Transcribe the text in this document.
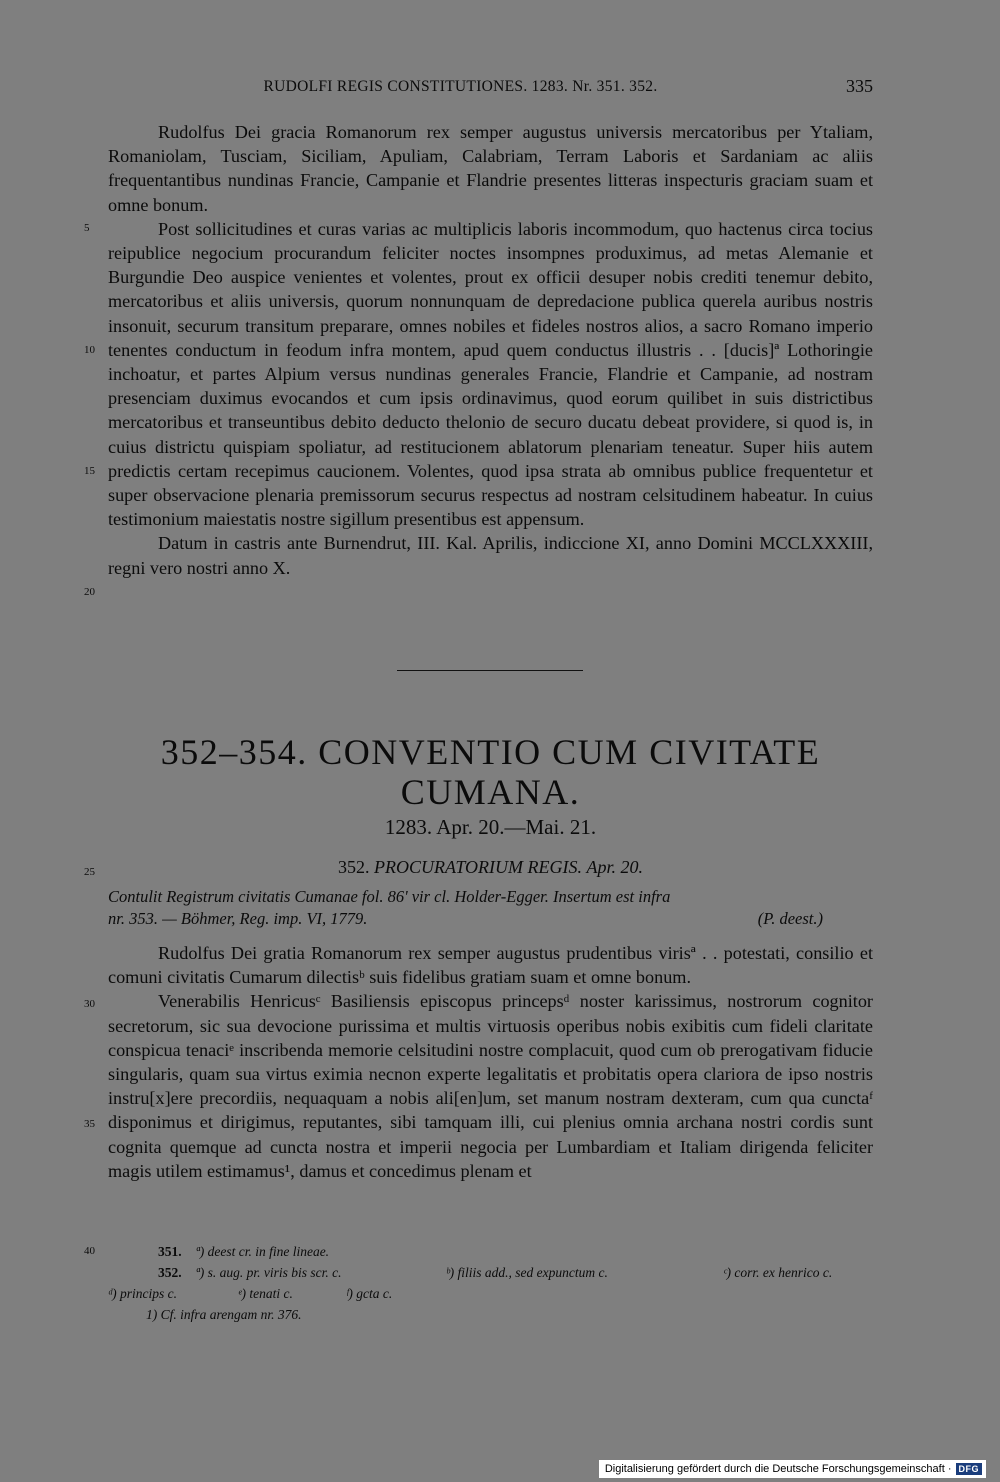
RUDOLFI REGIS CONSTITUTIONES. 1283. Nr. 351. 352.	335

Rudolfus Dei gracia Romanorum rex semper augustus universis mercatoribus per Ytaliam, Romaniolam, Tusciam, Siciliam, Apuliam, Calabriam, Terram Laboris et Sardaniam ac aliis frequentantibus nundinas Francie, Campanie et Flandrie presentes litteras inspecturis graciam suam et omne bonum.

Post sollicitudines et curas varias ac multiplicis laboris incommodum, quo hactenus circa tocius reipublice negocium procurandum feliciter noctes insompnes produximus, ad metas Alemanie et Burgundie Deo auspice venientes et volentes, prout ex officii desuper nobis crediti tenemur debito, mercatoribus et aliis universis, quorum nonnunquam de depredacione publica querela auribus nostris insonuit, securum transitum preparare, omnes nobiles et fideles nostros alios, a sacro Romano imperio tenentes conductum in feodum infra montem, apud quem conductus illustris . . [ducis]ª Lothoringie inchoatur, et partes Alpium versus nundinas generales Francie, Flandrie et Campanie, ad nostram presenciam duximus evocandos et cum ipsis ordinavimus, quod eorum quilibet in suis districtibus mercatoribus et transeuntibus debito deducto thelonio de securo ducatu debeat providere, si quod is, in cuius districtu quispiam spoliatur, ad restitucionem ablatorum plenariam teneatur. Super hiis autem predictis certam recepimus caucionem. Volentes, quod ipsa strata ab omnibus publice frequentetur et super observacione plenaria premissorum securus respectus ad nostram celsitudinem habeatur. In cuius testimonium maiestatis nostre sigillum presentibus est appensum.

Datum in castris ante Burnendrut, III. Kal. Aprilis, indiccione XI, anno Domini MCCLXXXIII, regni vero nostri anno X.

5
10
15
20
25
30
35
40
352–354. CONVENTIO CUM CIVITATE
CUMANA.
1283. Apr. 20.—Mai. 21.
352. PROCURATORIUM REGIS. Apr. 20.
Contulit Registrum civitatis Cumanae fol. 86' vir cl. Holder-Egger. Insertum est infra
nr. 353. — Böhmer, Reg. imp. VI, 1779.	(P. deest.)

Rudolfus Dei gratia Romanorum rex semper augustus prudentibus virisª . . potestati, consilio et comuni civitatis Cumarum dilectisᵇ suis fidelibus gratiam suam et omne bonum.

Venerabilis Henricusᶜ Basiliensis episcopus princepsᵈ noster karissimus, nostrorum cognitor secretorum, sic sua devocione purissima et multis virtuosis operibus nobis exibitis cum fideli claritate conspicua tenaciᵉ inscribenda memorie celsitudini nostre complacuit, quod cum ob prerogativam fiducie singularis, quam sua virtus eximia necnon experte legalitatis et probitatis opera clariora de ipso nostris instru[x]ere precordiis, nequaquam a nobis ali[en]um, set manum nostram dexteram, cum qua cunctaᶠ disponimus et dirigimus, reputantes, sibi tamquam illi, cui plenius omnia archana nostri cordis sunt cognita quemque ad cuncta nostra et imperii negocia per Lumbardiam et Italiam dirigenda feliciter magis utilem estimamus¹, damus et concedimus plenam et

351. ª) deest cr. in fine lineae.
352. ª) s. aug. pr. viris bis scr. c.	ᵇ) filiis add., sed expunctum c.	ᶜ) corr. ex henrico c.
ᵈ) princips c.	ᵉ) tenati c.	ᶠ) gcta c.
1) Cf. infra arengam nr. 376.
Digitalisierung gefördert durch die Deutsche Forschungsgemeinschaft · DFG
